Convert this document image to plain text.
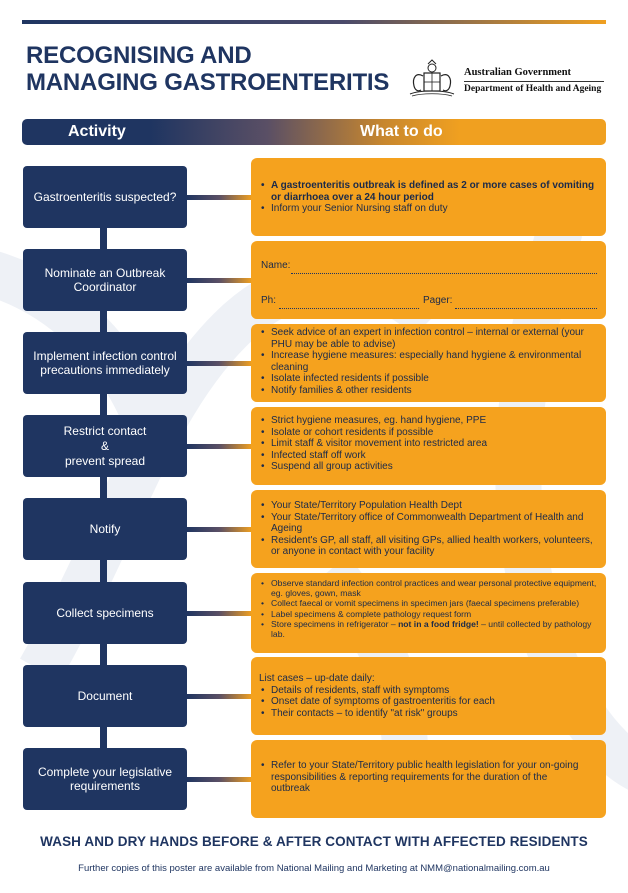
RECOGNISING AND
MANAGING GASTROENTERITIS	Australian Government
Department of Health and Ageing
Activity	What to do
Gastroenteritis suspected?
• A gastroenteritis outbreak is defined as 2 or more cases of vomiting or diarrhoea over a 24 hour period
• Inform your Senior Nursing staff on duty
Nominate an Outbreak Coordinator
Name:
Ph:	Pager:
Implement infection control precautions immediately
• Seek advice of an expert in infection control – internal or external (your PHU may be able to advise)
• Increase hygiene measures: especially hand hygiene & environmental cleaning
• Isolate infected residents if possible
• Notify families & other residents
Restrict contact
&
prevent spread
• Strict hygiene measures, eg. hand hygiene, PPE
• Isolate or cohort residents if possible
• Limit staff & visitor movement into restricted area
• Infected staff off work
• Suspend all group activities
Notify
• Your State/Territory Population Health Dept
• Your State/Territory office of Commonwealth Department of Health and Ageing
• Resident's GP, all staff, all visiting GPs, allied health workers, volunteers, or anyone in contact with your facility
Collect specimens
• Observe standard infection control practices and wear personal protective equipment, eg. gloves, gown, mask
• Collect faecal or vomit specimens in specimen jars (faecal specimens preferable)
• Label specimens & complete pathology request form
• Store specimens in refrigerator – not in a food fridge! – until collected by pathology lab.
Document
List cases – up-date daily:
• Details of residents, staff with symptoms
• Onset date of symptoms of gastroenteritis for each
• Their contacts – to identify "at risk" groups
Complete your legislative requirements
• Refer to your State/Territory public health legislation for your on-going responsibilities & reporting requirements for the duration of the outbreak
WASH AND DRY HANDS BEFORE & AFTER CONTACT WITH AFFECTED RESIDENTS
Further copies of this poster are available from National Mailing and Marketing at NMM@nationalmailing.com.au
